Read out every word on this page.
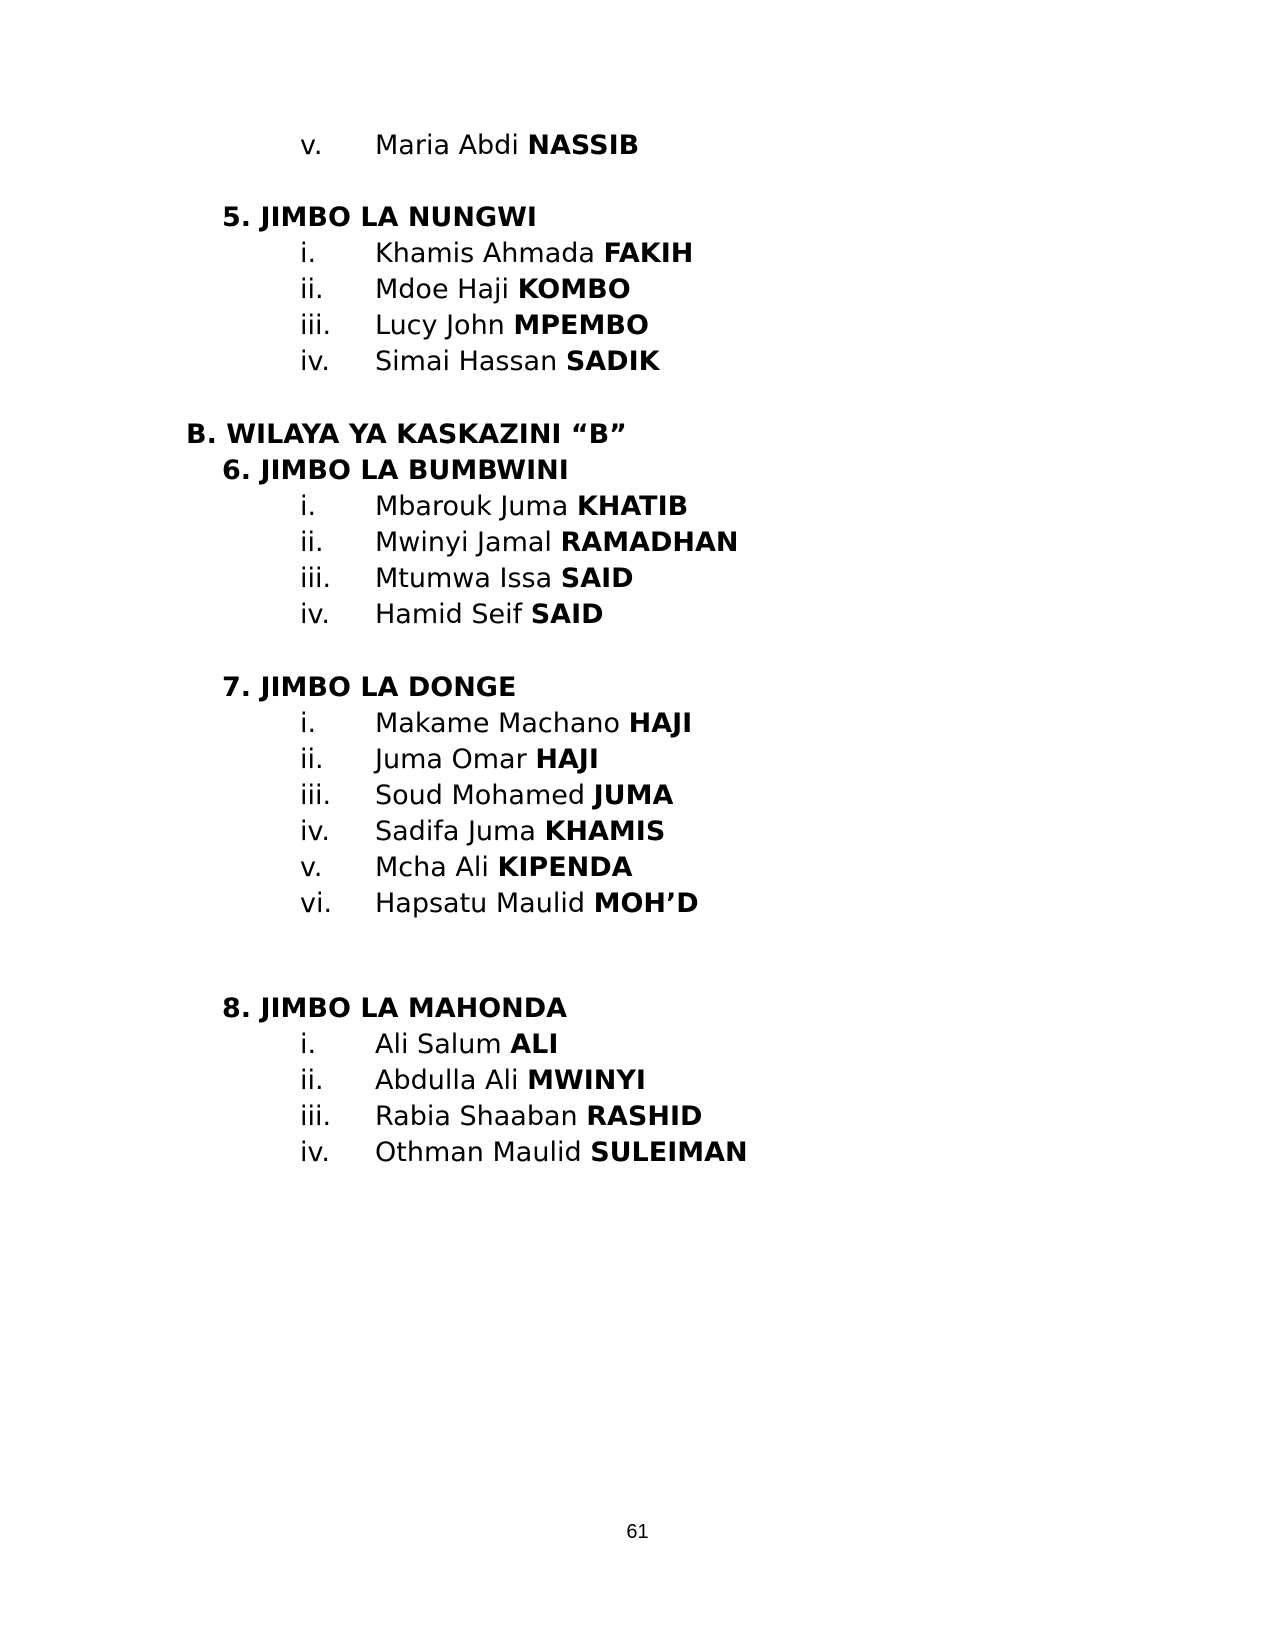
v. Maria Abdi NASSIB
5. JIMBO LA NUNGWI
i. Khamis Ahmada FAKIH
ii. Mdoe Haji KOMBO
iii. Lucy John MPEMBO
iv. Simai Hassan SADIK
B. WILAYA YA KASKAZINI “B”
6. JIMBO LA BUMBWINI
i. Mbarouk Juma KHATIB
ii. Mwinyi Jamal RAMADHAN
iii. Mtumwa Issa SAID
iv. Hamid Seif SAID
7. JIMBO LA DONGE
i. Makame Machano HAJI
ii. Juma Omar HAJI
iii. Soud Mohamed JUMA
iv. Sadifa Juma KHAMIS
v. Mcha Ali KIPENDA
vi. Hapsatu Maulid MOH’D
8. JIMBO LA MAHONDA
i. Ali Salum ALI
ii. Abdulla Ali MWINYI
iii. Rabia Shaaban RASHID
iv. Othman Maulid SULEIMAN
61
